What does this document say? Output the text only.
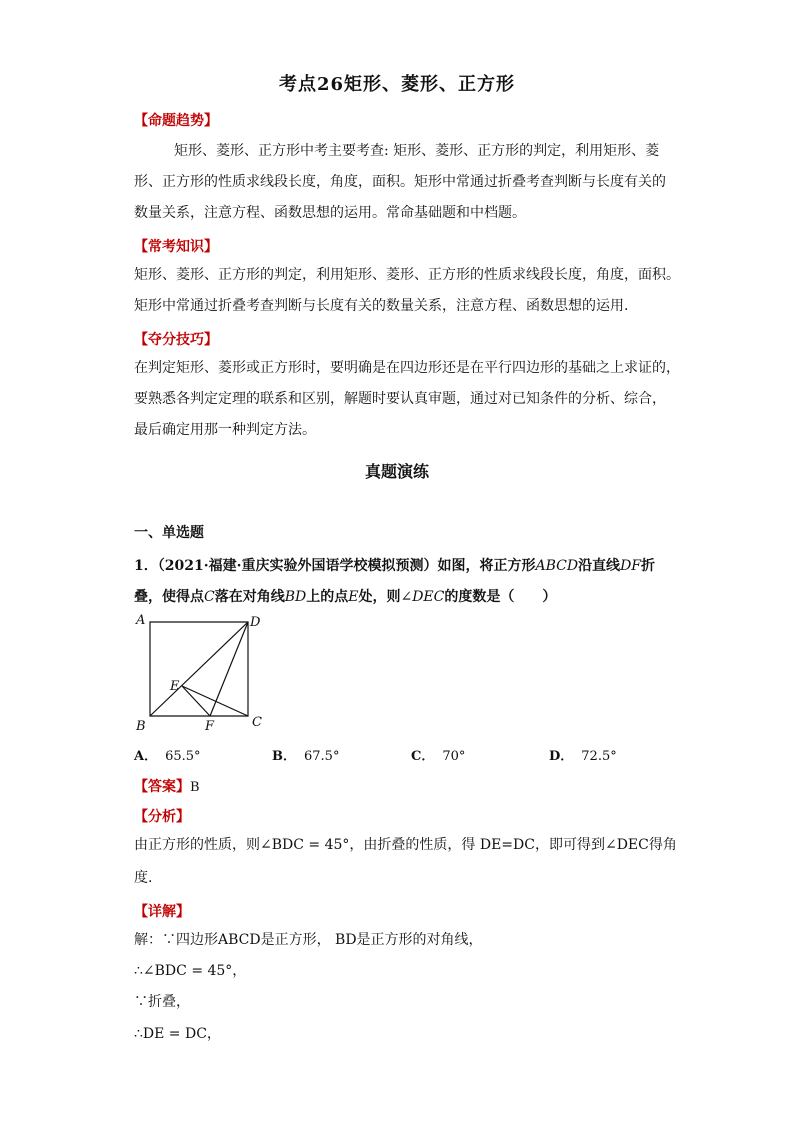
考点26矩形、菱形、正方形
【命题趋势】
矩形、菱形、正方形中考主要考查: 矩形、菱形、正方形的判定，利用矩形、菱
形、正方形的性质求线段长度，角度，面积。矩形中常通过折叠考查判断与长度有关的
数量关系，注意方程、函数思想的运用。常命基础题和中档题。
【常考知识】
矩形、菱形、正方形的判定，利用矩形、菱形、正方形的性质求线段长度，角度，面积。
矩形中常通过折叠考查判断与长度有关的数量关系，注意方程、函数思想的运用.
【夺分技巧】
在判定矩形、菱形或正方形时，要明确是在四边形还是在平行四边形的基础之上求证的，
要熟悉各判定定理的联系和区别，解题时要认真审题，通过对已知条件的分析、综合，
最后确定用那一种判定方法。
真题演练
一、单选题
1．（2021·福建·重庆实验外国语学校模拟预测）如图，将正方形ABCD沿直线DF折
叠，使得点C落在对角线BD上的点E处，则∠DEC的度数是（　　）
A	D
B	C
E
F
A． 65.5°	B． 67.5°	C． 70°	D． 72.5°
【答案】B
【分析】
由正方形的性质，则∠BDC = 45°，由折叠的性质，得 DE=DC，即可得到∠DEC得角
度.
【详解】
解：∵四边形ABCD是正方形， BD是正方形的对角线，
∴∠BDC = 45°，
∵折叠，
∴DE = DC，
